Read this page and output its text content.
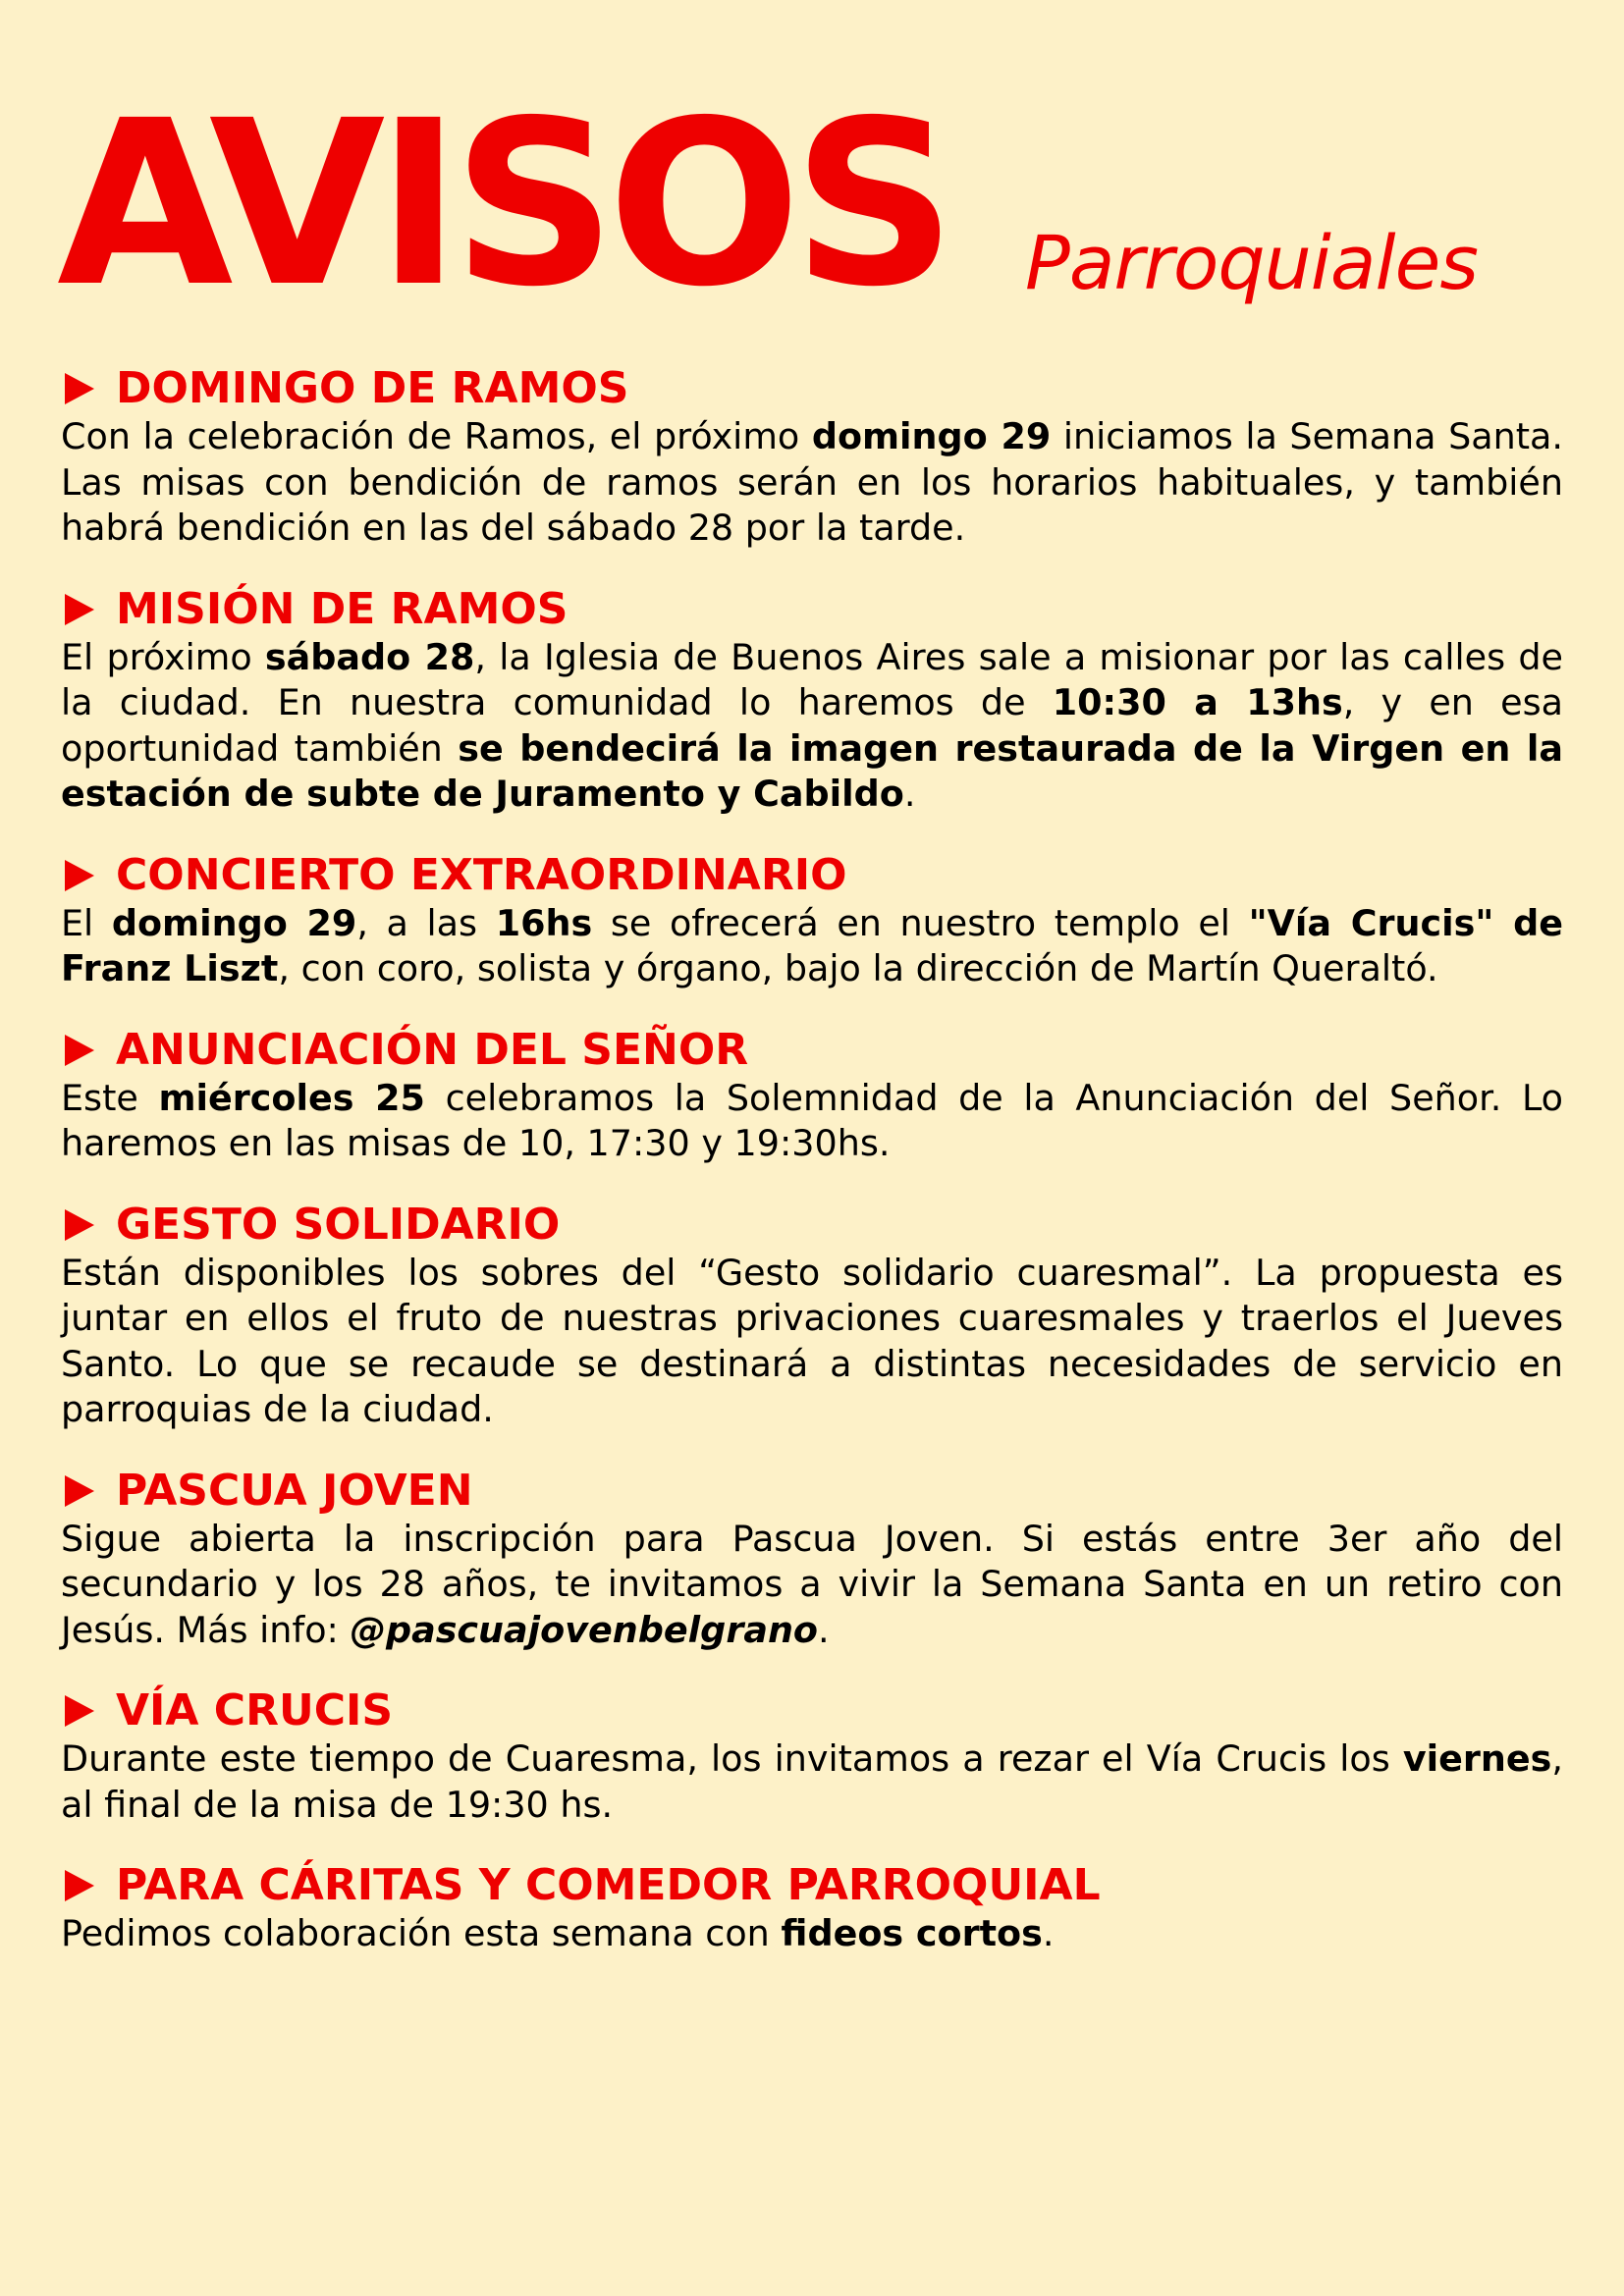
AVISOS Parroquiales
DOMINGO DE RAMOS
Con la celebración de Ramos, el próximo domingo 29 iniciamos la Semana Santa. Las misas con bendición de ramos serán en los horarios habituales, y también habrá bendición en las del sábado 28 por la tarde.
MISIÓN DE RAMOS
El próximo sábado 28, la Iglesia de Buenos Aires sale a misionar por las calles de la ciudad. En nuestra comunidad lo haremos de 10:30 a 13hs, y en esa oportunidad también se bendecirá la imagen restaurada de la Virgen en la estación de subte de Juramento y Cabildo.
CONCIERTO EXTRAORDINARIO
El domingo 29, a las 16hs se ofrecerá en nuestro templo el "Vía Crucis" de Franz Liszt, con coro, solista y órgano, bajo la dirección de Martín Queraltó.
ANUNCIACIÓN DEL SEÑOR
Este miércoles 25 celebramos la Solemnidad de la Anunciación del Señor. Lo haremos en las misas de 10, 17:30 y 19:30hs.
GESTO SOLIDARIO
Están disponibles los sobres del “Gesto solidario cuaresmal”. La propuesta es juntar en ellos el fruto de nuestras privaciones cuaresmales y traerlos el Jueves Santo. Lo que se recaude se destinará a distintas necesidades de servicio en parroquias de la ciudad.
PASCUA JOVEN
Sigue abierta la inscripción para Pascua Joven. Si estás entre 3er año del secundario y los 28 años, te invitamos a vivir la Semana Santa en un retiro con Jesús. Más info: @pascuajovenbelgrano.
VÍA CRUCIS
Durante este tiempo de Cuaresma, los invitamos a rezar el Vía Crucis los viernes, al final de la misa de 19:30 hs.
PARA CÁRITAS Y COMEDOR PARROQUIAL
Pedimos colaboración esta semana con fideos cortos.
